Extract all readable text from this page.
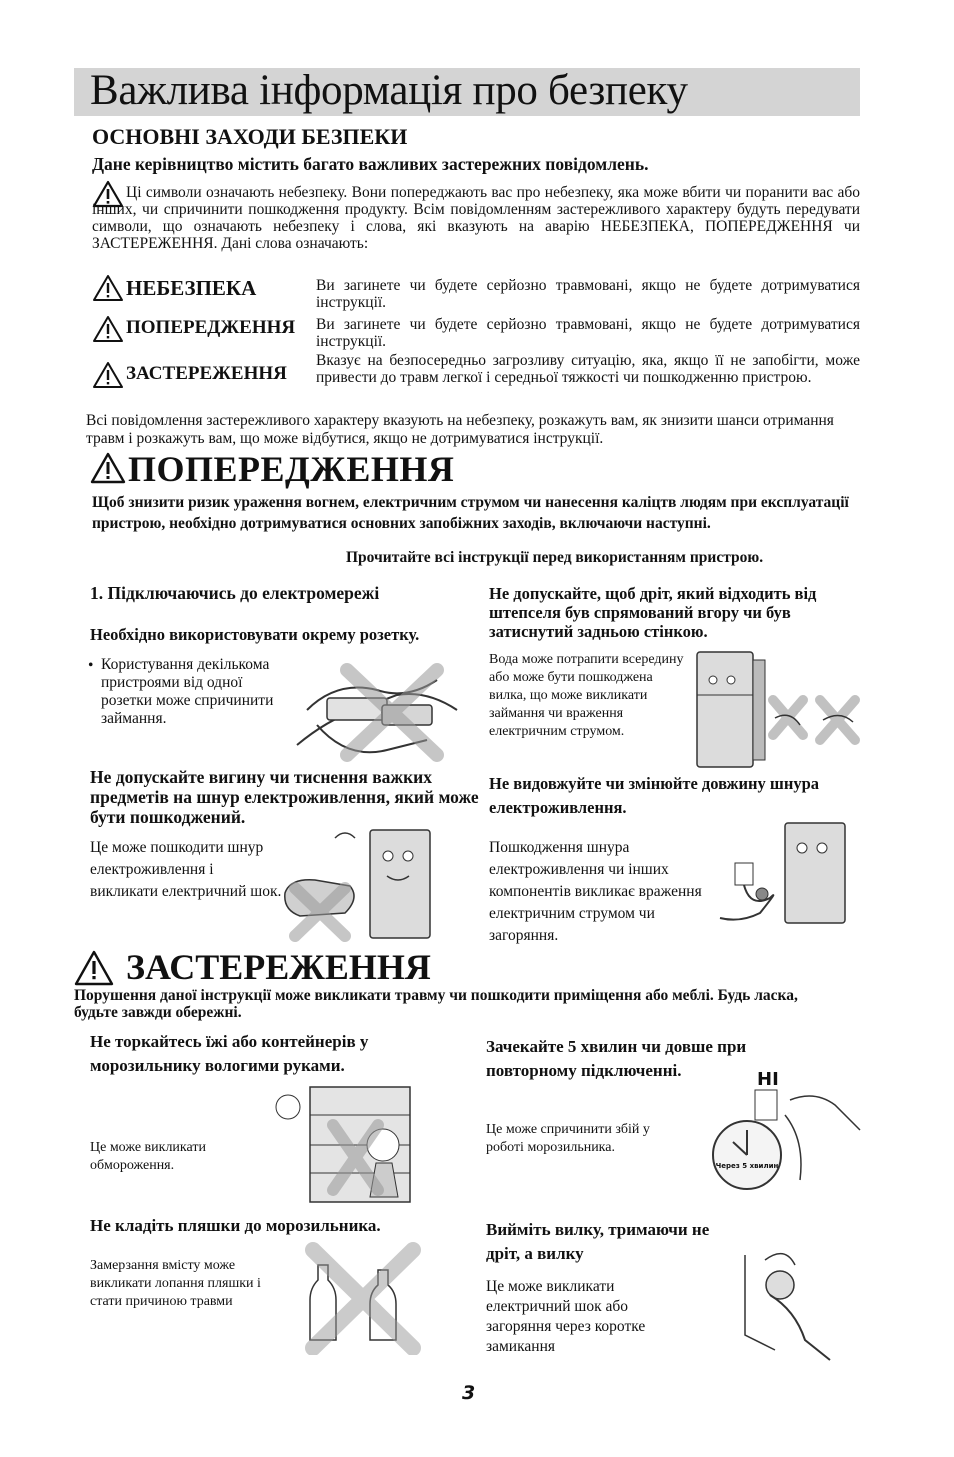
Важлива інформація про безпеку
ОСНОВНІ ЗАХОДИ БЕЗПЕКИ
Дане керівництво містить багато важливих застережних повідомлень.
Ці символи означають небезпеку. Вони попереджають вас про небезпеку, яка може вбити чи поранити вас або інших, чи спричинити пошкодження продукту. Всім повідомленням застережливого характеру будуть передувати символи, що означають небезпеку і слова, які вказують на аварію НЕБЕЗПЕКА, ПОПЕРЕДЖЕННЯ чи ЗАСТЕРЕЖЕННЯ. Дані слова означають:
НЕБЕЗПЕКА	Ви загинете чи будете серйозно травмовані, якщо не будете дотримуватися інструкції.
ПОПЕРЕДЖЕННЯ Ви загинете чи будете серйозно травмовані, якщо не будете дотримуватися інструкції.
ЗАСТЕРЕЖЕННЯ
Вказує на безпосередньо загрозливу ситуацію, яка, якщо її не запобігти, може привести до травм легкої і середньої тяжкості чи пошкодженню пристрою.
Всі повідомлення застережливого характеру вказують на небезпеку, розкажуть вам, як знизити шанси отримання травм і розкажуть вам, що може відбутися, якщо не дотримуватися інструкції.
ПОПЕРЕДЖЕННЯ
Щоб знизити ризик ураження вогнем, електричним струмом чи нанесення каліцтв людям при експлуатації пристрою, необхідно дотримуватися основних запобіжних заходів, включаючи наступні.
Прочитайте всі інструкції перед використанням пристрою.
1. Підключаючись до електромережі
Необхідно використовувати окрему розетку.
• Користування декількома пристроями від одної розетки може спричинити займання.
Не допускайте, щоб дріт, який відходить від штепселя був спрямований вгору чи був затиснутий задньою стінкою.
Вода може потрапити всередину або може бути пошкоджена вилка, що може викликати займання чи враження електричним струмом.
Не допускайте вигину чи тиснення важких предметів на шнур електроживлення, який може бути пошкоджений.
Це може пошкодити шнур електроживлення і викликати електричний шок.
Не видовжуйте чи змінюйте довжину шнура електроживлення.
Пошкодження шнура електроживлення чи інших компонентів викликає враження електричним струмом чи загоряння.
ЗАСТЕРЕЖЕННЯ
Порушення даної інструкції може викликати травму чи пошкодити приміщення або меблі. Будь ласка, будьте завжди обережні.
Не торкайтесь їжі або контейнерів у морозильнику вологими руками.
Це може викликати обмороження.
Зачекайте 5 хвилин чи довше при повторному підключенні.
Це може спричинити збій у роботі морозильника.
HI
Через 5 хвилин
Не кладіть пляшки до морозильника.
Замерзання вмісту може викликати лопання пляшки і стати причиною травми
Вийміть вилку, тримаючи не дріт, а вилку
Це може викликати електричний шок або загоряння через коротке замикання
3
